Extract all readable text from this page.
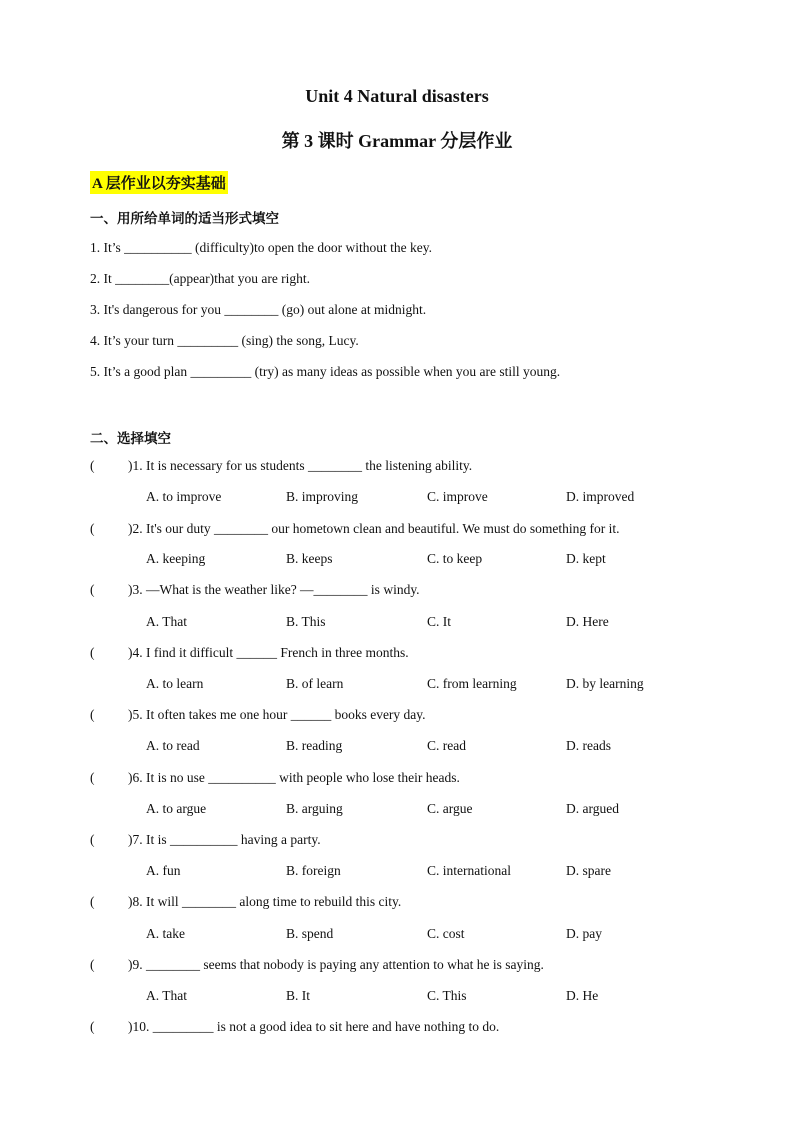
Unit 4 Natural disasters
第 3 课时 Grammar 分层作业

A 层作业以夯实基础

一、用所给单词的适当形式填空

1. It’s __________ (difficulty)to open the door without the key.

2. It ________(appear)that you are right.

3. It's dangerous for you ________ (go) out alone at midnight.

4. It’s your turn _________ (sing) the song, Lucy.

5. It’s a good plan _________ (try) as many ideas as possible when you are still young.

二、选择填空

( )1. It is necessary for us students ________ the listening ability.

A. to improve	B. improving	C. improve	D. improved

( )2. It's our duty ________ our hometown clean and beautiful. We must do something for it.

A. keeping	B. keeps	C. to keep	D. kept

( )3. —What is the weather like? —________ is windy.

A. That	B. This	C. It	D. Here

( )4. I find it difficult ______ French in three months.

A. to learn	B. of learn	C. from learning	D. by learning

( )5. It often takes me one hour ______ books every day.

A. to read	B. reading	C. read	D. reads

( )6. It is no use __________ with people who lose their heads.

A. to argue	B. arguing	C. argue	D. argued

( )7. It is __________ having a party.

A. fun	B. foreign	C. international	D. spare

( )8. It will ________ along time to rebuild this city.

A. take	B. spend	C. cost	D. pay

( )9. ________ seems that nobody is paying any attention to what he is saying.

A. That	B. It	C. This	D. He

( )10. _________ is not a good idea to sit here and have nothing to do.
